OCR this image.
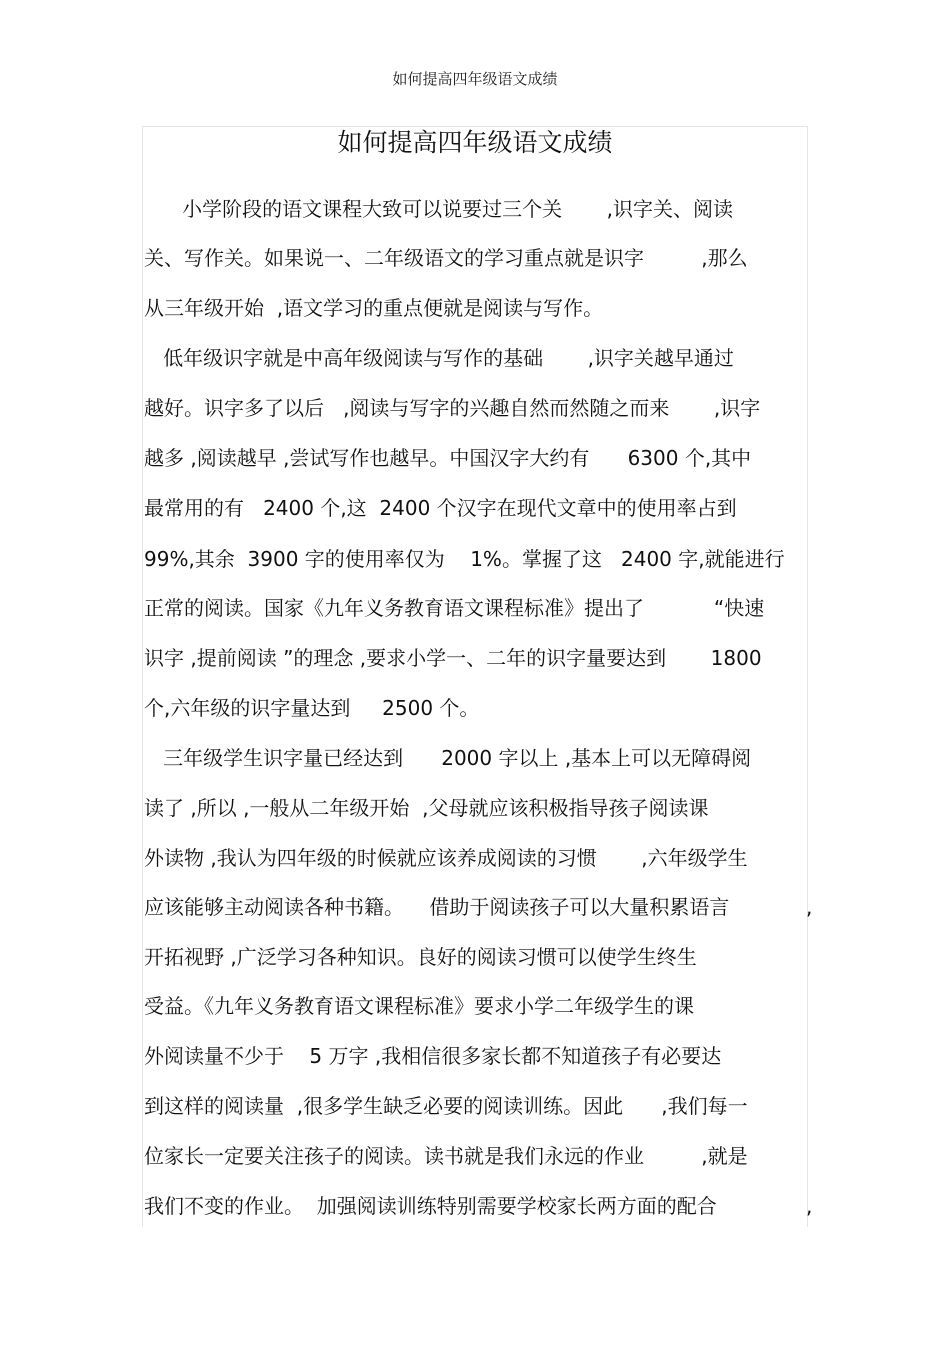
如何提高四年级语文成绩
如何提高四年级语文成绩
小学阶段的语文课程大致可以说要过三个关       ,识字关、阅读
关、写作关。如果说一、二年级语文的学习重点就是识字         ,那么
从三年级开始  ,语文学习的重点便就是阅读与写作。
低年级识字就是中高年级阅读与写作的基础       ,识字关越早通过
越好。识字多了以后   ,阅读与写字的兴趣自然而然随之而来       ,识字
越多 ,阅读越早 ,尝试写作也越早。中国汉字大约有      6300 个,其中
最常用的有   2400 个,这  2400 个汉字在现代文章中的使用率占到
99%,其余  3900 字的使用率仅为    1%。掌握了这   2400 字,就能进行
正常的阅读。国家《九年义务教育语文课程标准》提出了           “快速
识字 ,提前阅读 ”的理念 ,要求小学一、二年的识字量要达到       1800
个,六年级的识字量达到     2500 个。
三年级学生识字量已经达到      2000 字以上 ,基本上可以无障碍阅
读了 ,所以 ,一般从二年级开始  ,父母就应该积极指导孩子阅读课
外读物 ,我认为四年级的时候就应该养成阅读的习惯       ,六年级学生
应该能够主动阅读各种书籍。    借助于阅读孩子可以大量积累语言	,
开拓视野 ,广泛学习各种知识。良好的阅读习惯可以使学生终生
受益。《九年义务教育语文课程标准》要求小学二年级学生的课
外阅读量不少于    5 万字 ,我相信很多家长都不知道孩子有必要达
到这样的阅读量  ,很多学生缺乏必要的阅读训练。因此      ,我们每一
位家长一定要关注孩子的阅读。读书就是我们永远的作业         ,就是
我们不变的作业。  加强阅读训练特别需要学校家长两方面的配合	,
